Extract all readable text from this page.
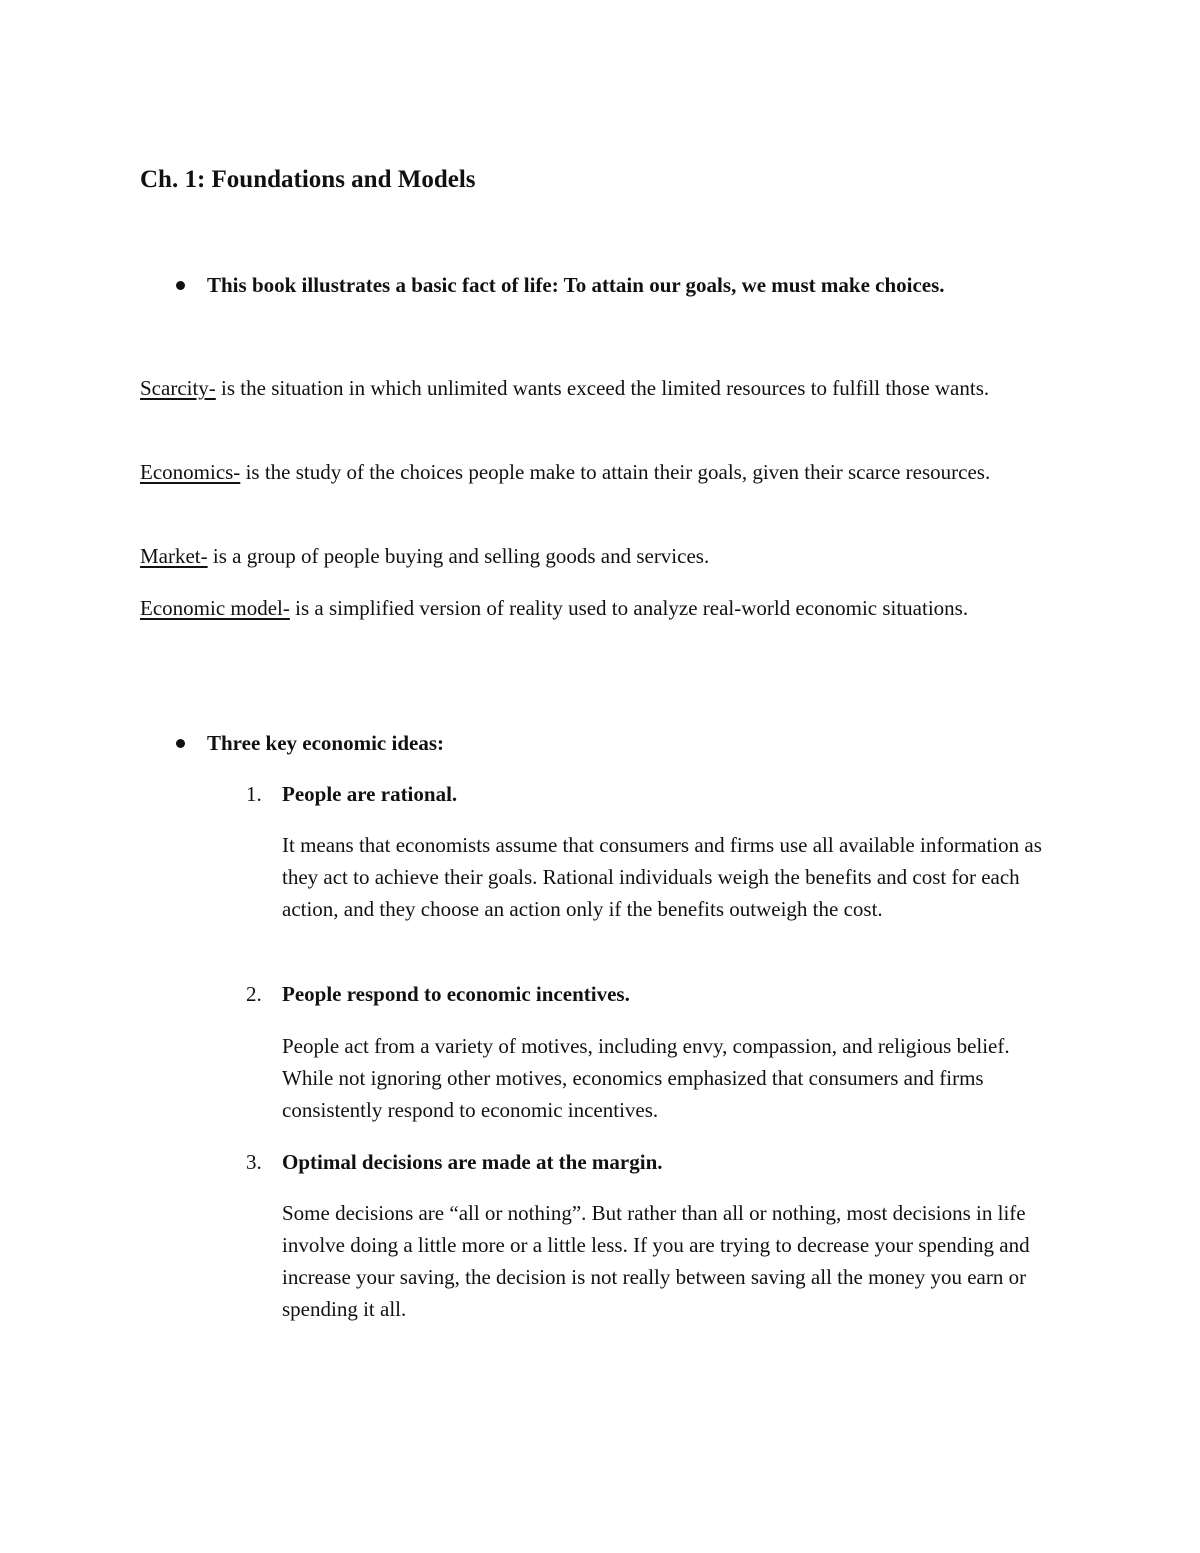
Ch. 1: Foundations and Models
This book illustrates a basic fact of life: To attain our goals, we must make choices.

Scarcity- is the situation in which unlimited wants exceed the limited resources to fulfill those wants.

Economics- is the study of the choices people make to attain their goals, given their scarce resources.

Market- is a group of people buying and selling goods and services.

Economic model- is a simplified version of reality used to analyze real-world economic situations.

Three key economic ideas:
1. People are rational.

It means that economists assume that consumers and firms use all available information as they act to achieve their goals. Rational individuals weigh the benefits and cost for each action, and they choose an action only if the benefits outweigh the cost.

2. People respond to economic incentives.

People act from a variety of motives, including envy, compassion, and religious belief. While not ignoring other motives, economics emphasized that consumers and firms consistently respond to economic incentives.

3. Optimal decisions are made at the margin.

Some decisions are “all or nothing”. But rather than all or nothing, most decisions in life involve doing a little more or a little less. If you are trying to decrease your spending and increase your saving, the decision is not really between saving all the money you earn or spending it all.
